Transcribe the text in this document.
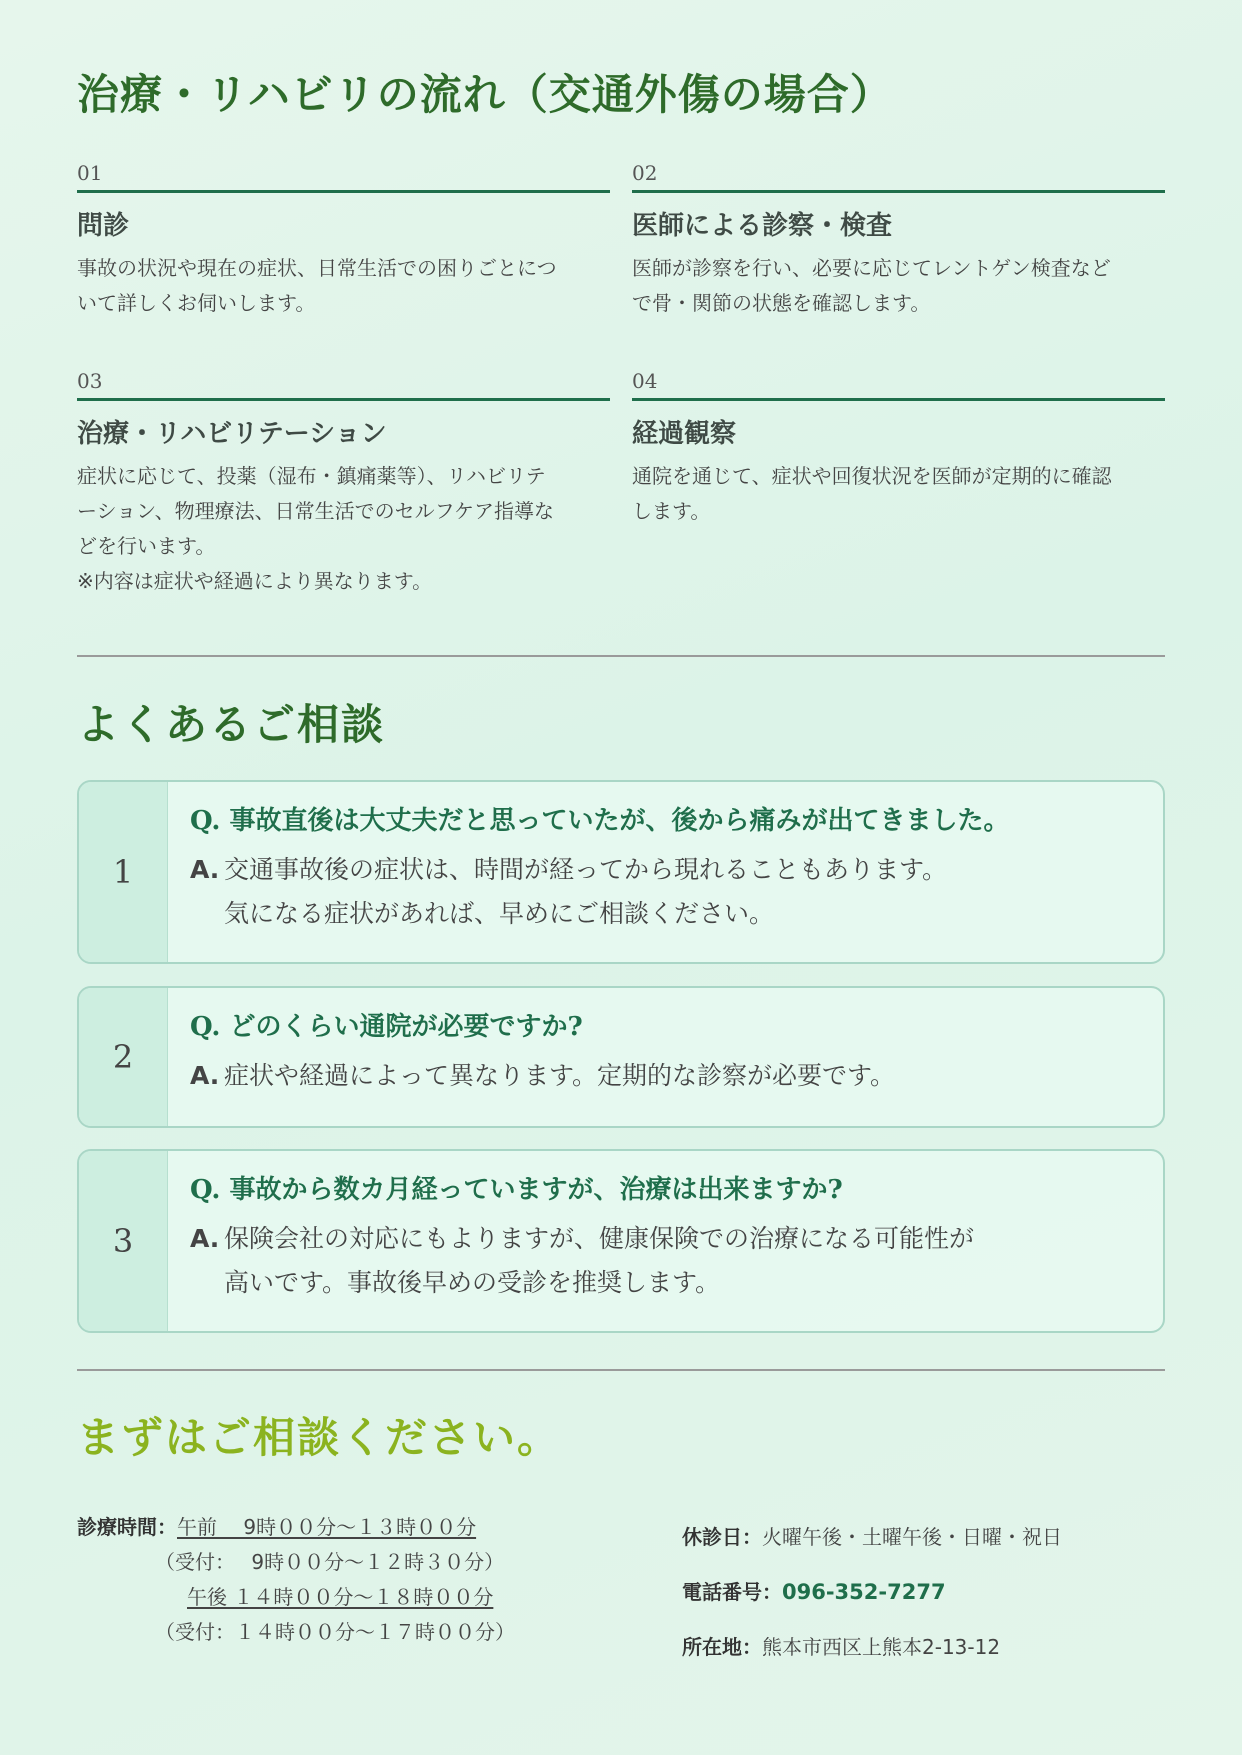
治療・リハビリの流れ（交通外傷の場合）
01
問診
事故の状況や現在の症状、日常生活での困りごとにつ
いて詳しくお伺いします。
02
医師による診察・検査
医師が診察を行い、必要に応じてレントゲン検査など
で骨・関節の状態を確認します。
03
治療・リハビリテーション
症状に応じて、投薬（湿布・鎮痛薬等）、リハビリテ
ーション、物理療法、日常生活でのセルフケア指導な
どを行います。
※内容は症状や経過により異なります。
04
経過観察
通院を通じて、症状や回復状況を医師が定期的に確認
します。
よくあるご相談
1
Q. 事故直後は大丈夫だと思っていたが、後から痛みが出てきました。
A. 交通事故後の症状は、時間が経ってから現れることもあります。
気になる症状があれば、早めにご相談ください。
2
Q. どのくらい通院が必要ですか?
A. 症状や経過によって異なります。定期的な診察が必要です。
3
Q. 事故から数カ月経っていますが、治療は出来ますか?
A. 保険会社の対応にもよりますが、健康保険での治療になる可能性が
高いです。事故後早めの受診を推奨します。
まずはご相談ください。
診療時間：午前　 9時００分〜１３時００分
（受付：　 9時００分〜１２時３０分）
午後 １４時００分〜１８時００分
（受付：１４時００分〜１７時００分）
休診日：火曜午後・土曜午後・日曜・祝日
電話番号：096-352-7277
所在地：熊本市西区上熊本2-13-12
